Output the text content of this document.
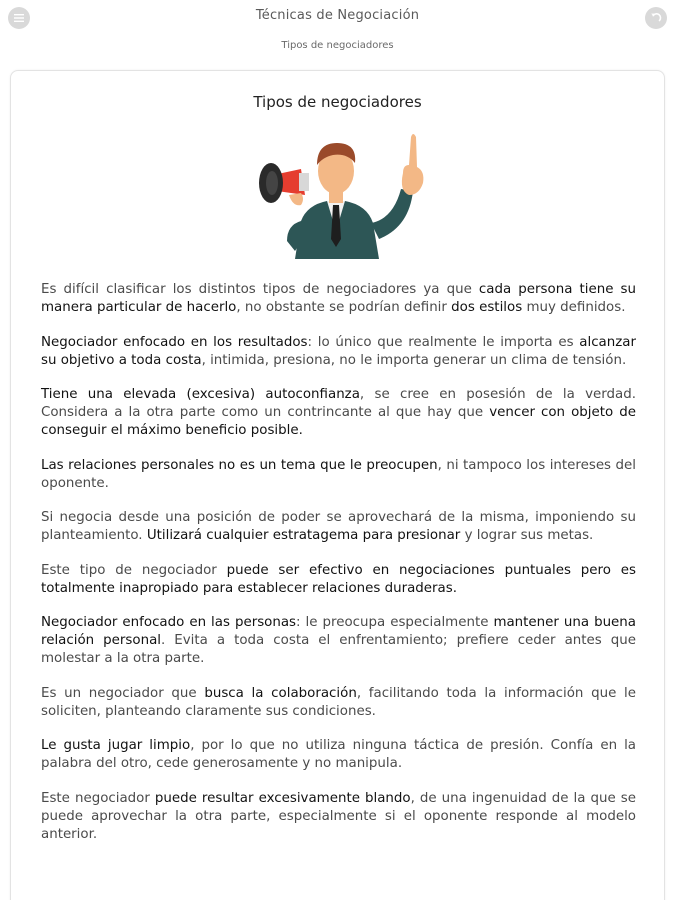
Técnicas de Negociación
Tipos de negociadores
Tipos de negociadores

Es difícil clasificar los distintos tipos de negociadores ya que cada persona tiene su manera particular de hacerlo, no obstante se podrían definir dos estilos muy definidos.

Negociador enfocado en los resultados: lo único que realmente le importa es alcanzar su objetivo a toda costa, intimida, presiona, no le importa generar un clima de tensión.

Tiene una elevada (excesiva) autoconfianza, se cree en posesión de la verdad. Considera a la otra parte como un contrincante al que hay que vencer con objeto de conseguir el máximo beneficio posible.

Las relaciones personales no es un tema que le preocupen, ni tampoco los intereses del oponente.

Si negocia desde una posición de poder se aprovechará de la misma, imponiendo su planteamiento. Utilizará cualquier estratagema para presionar y lograr sus metas.

Este tipo de negociador puede ser efectivo en negociaciones puntuales pero es totalmente inapropiado para establecer relaciones duraderas.

Negociador enfocado en las personas: le preocupa especialmente mantener una buena relación personal. Evita a toda costa el enfrentamiento; prefiere ceder antes que molestar a la otra parte.

Es un negociador que busca la colaboración, facilitando toda la información que le soliciten, planteando claramente sus condiciones.

Le gusta jugar limpio, por lo que no utiliza ninguna táctica de presión. Confía en la palabra del otro, cede generosamente y no manipula.

Este negociador puede resultar excesivamente blando, de una ingenuidad de la que se puede aprovechar la otra parte, especialmente si el oponente responde al modelo anterior.
